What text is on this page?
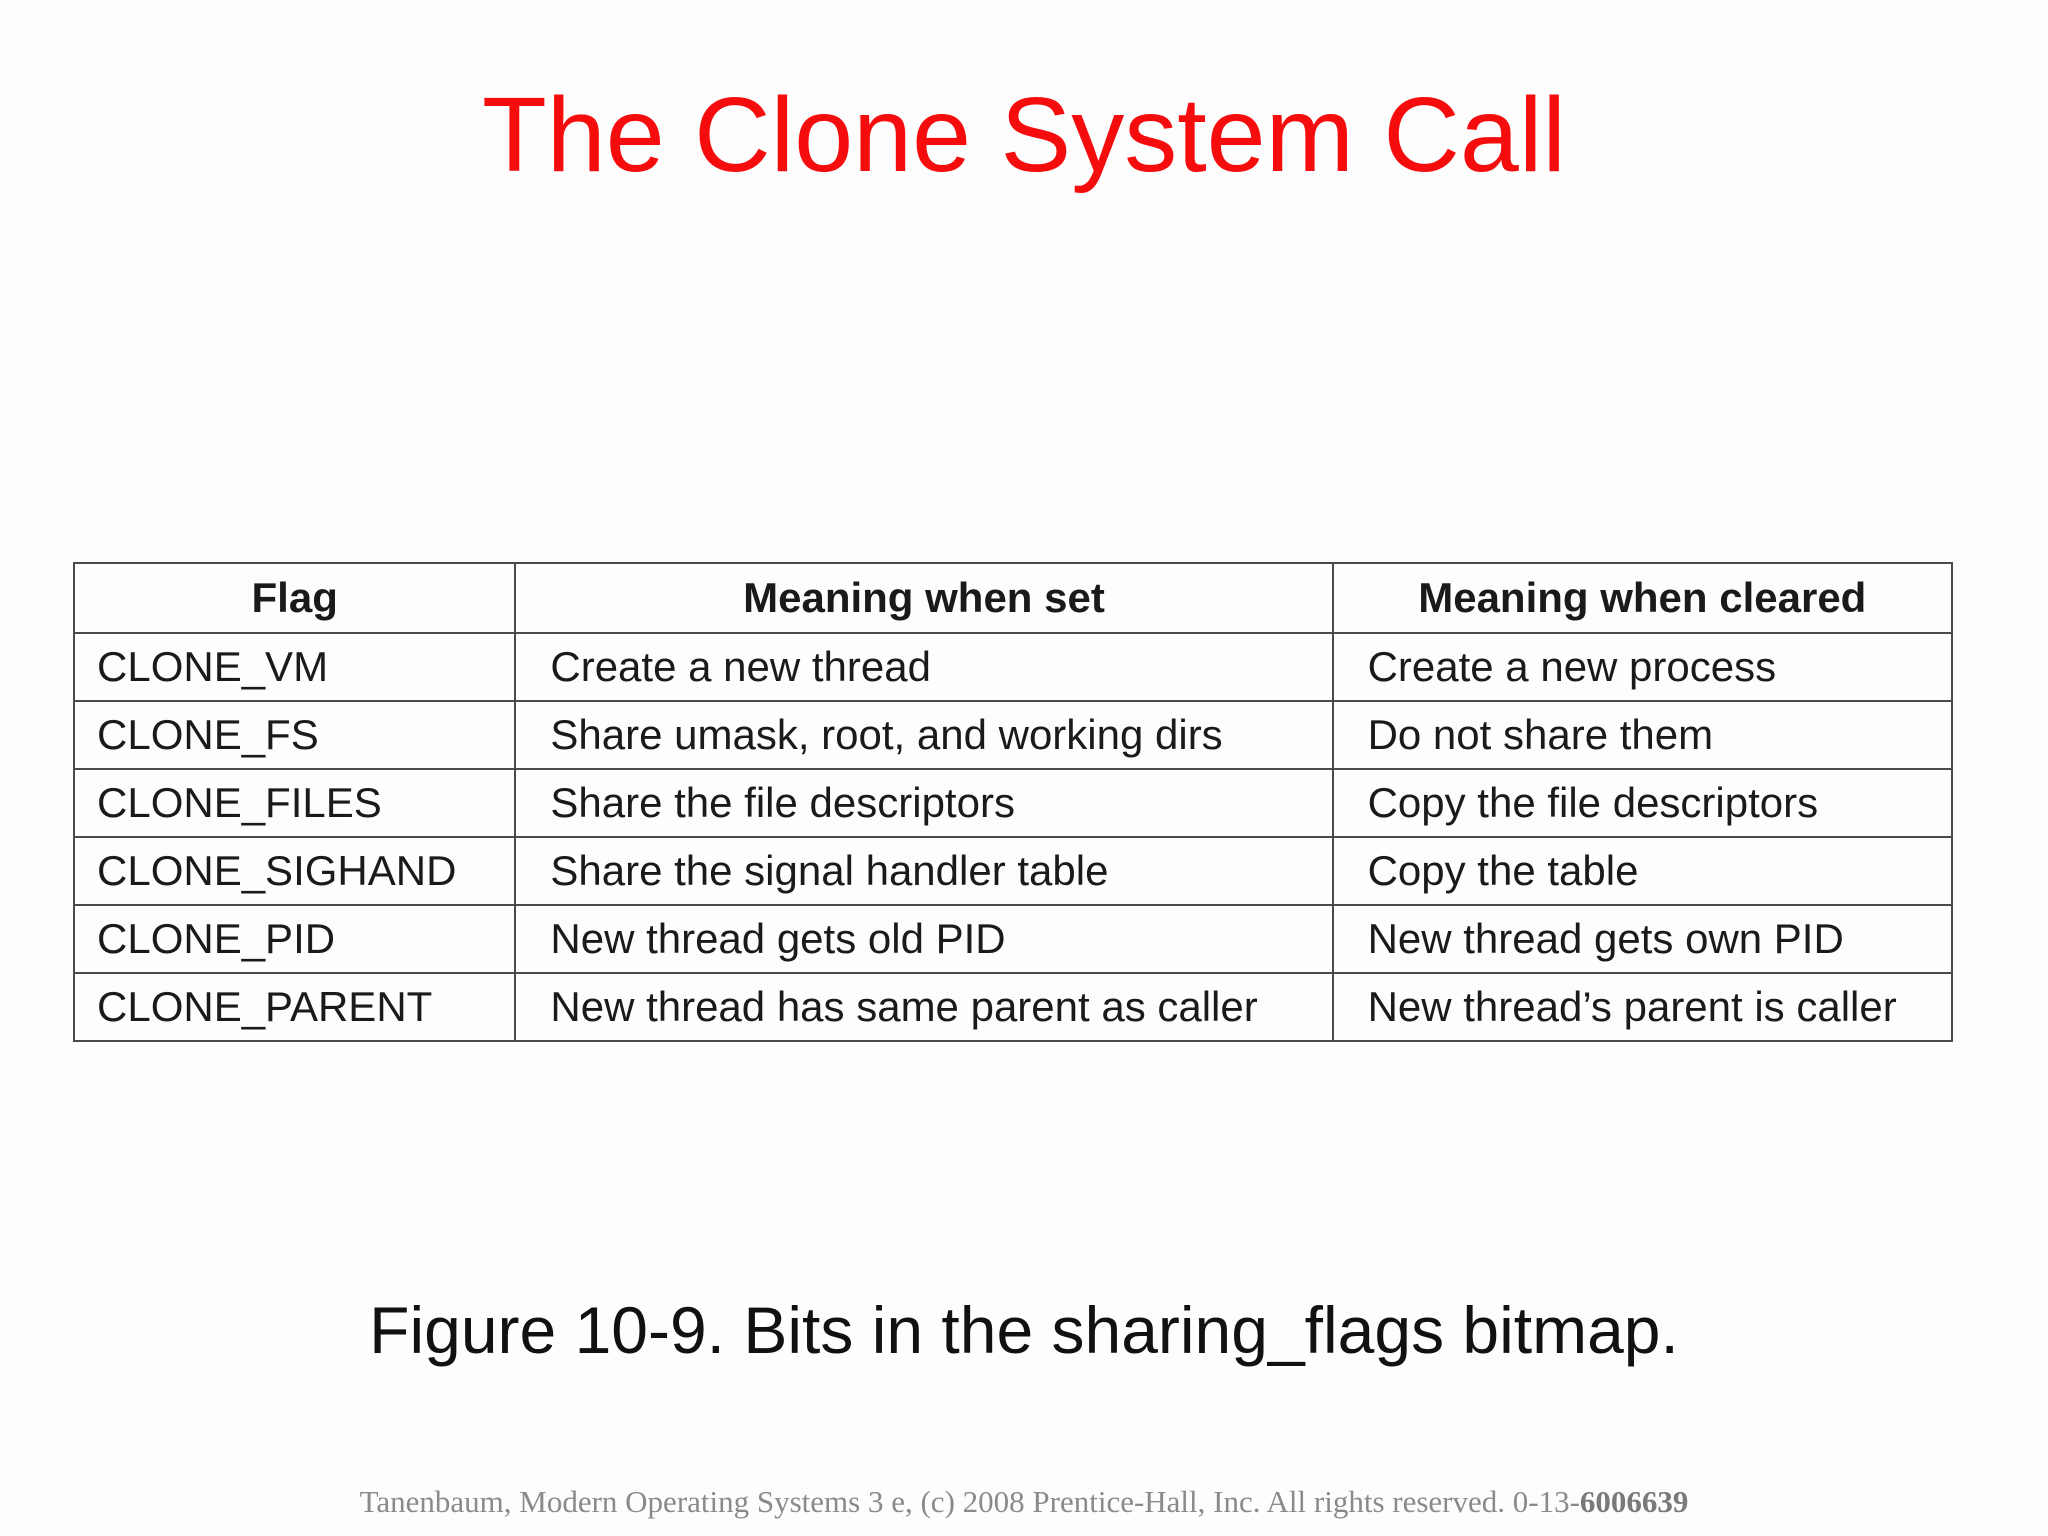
The Clone System Call
Flag	Meaning when set	Meaning when cleared
CLONE_VM	Create a new thread	Create a new process
CLONE_FS	Share umask, root, and working dirs	Do not share them
CLONE_FILES	Share the file descriptors	Copy the file descriptors
CLONE_SIGHAND	Share the signal handler table	Copy the table
CLONE_PID	New thread gets old PID	New thread gets own PID
CLONE_PARENT	New thread has same parent as caller	New thread’s parent is caller
Figure 10-9. Bits in the sharing_flags bitmap.
Tanenbaum, Modern Operating Systems 3 e, (c) 2008 Prentice-Hall, Inc. All rights reserved. 0-13-6006639
